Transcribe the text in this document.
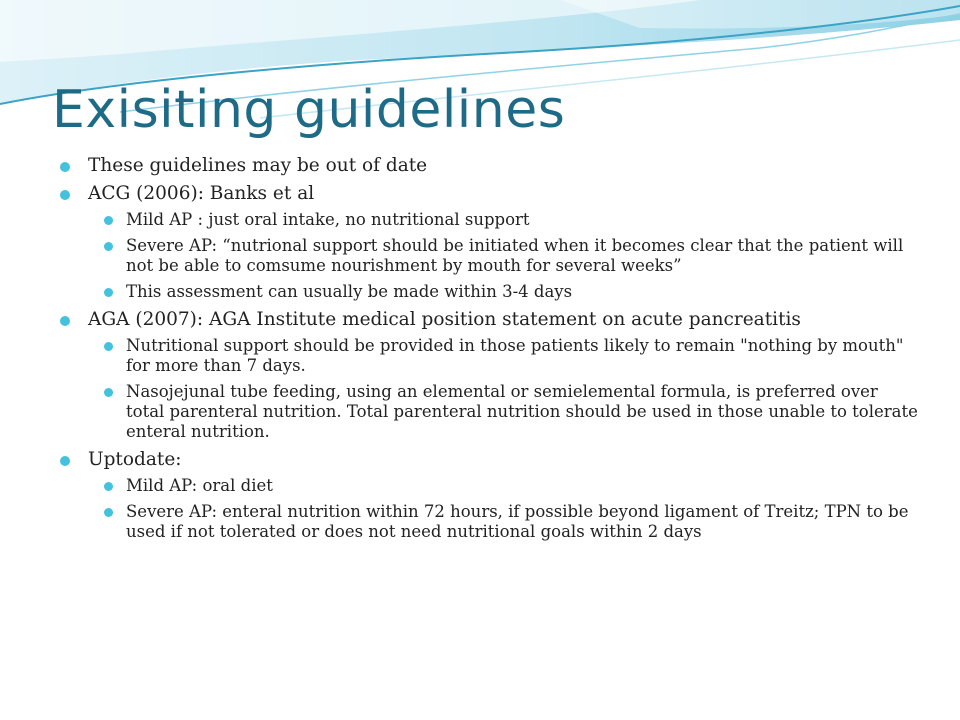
Exisiting guidelines
These guidelines may be out of date
ACG (2006): Banks et al
Mild AP : just oral intake, no nutritional support
Severe AP: “nutrional support should be initiated when it becomes clear that the patient will not be able to comsume nourishment by mouth for several weeks”
This assessment can usually be made within 3-4 days
AGA (2007): AGA Institute medical position statement on acute pancreatitis
Nutritional support should be provided in those patients likely to remain "nothing by mouth" for more than 7 days.
Nasojejunal tube feeding, using an elemental or semielemental formula, is preferred over total parenteral nutrition. Total parenteral nutrition should be used in those unable to tolerate enteral nutrition.
Uptodate:
Mild AP: oral diet
Severe AP: enteral nutrition within 72 hours, if possible beyond ligament of Treitz; TPN to be used if not tolerated or does not need nutritional goals within 2 days
